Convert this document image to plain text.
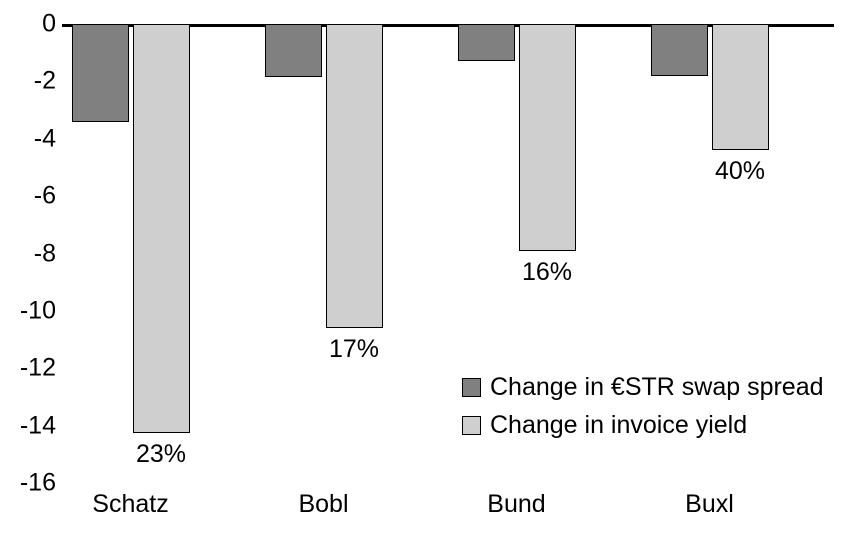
0
-2
-4
-6
-8
-10
-12
-14
-16
23%
17%
16%
40%
Schatz	Bobl	Bund	Buxl
Change in €STR swap spread
Change in invoice yield
